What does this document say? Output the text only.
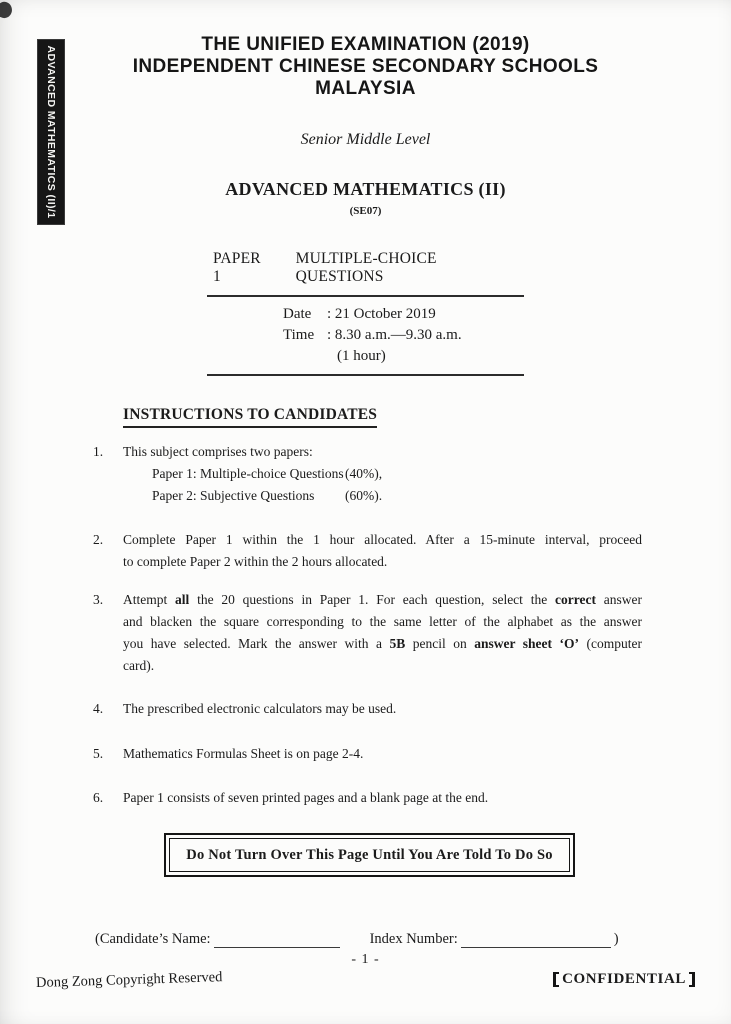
ADVANCED MATHEMATICS (II)/1
THE UNIFIED EXAMINATION (2019)
INDEPENDENT CHINESE SECONDARY SCHOOLS
MALAYSIA
Senior Middle Level
ADVANCED MATHEMATICS (II)
(SE07)
PAPER 1
MULTIPLE-CHOICE QUESTIONS
Date	: 21 October 2019
Time : 8.30 a.m.—9.30 a.m.
(1 hour)
INSTRUCTIONS TO CANDIDATES
1.	This subject comprises two papers:
Paper 1: Multiple-choice Questions (40%),
Paper 2: Subjective Questions	(60%).
2.	Complete Paper 1 within the 1 hour allocated. After a 15-minute interval, proceed
to complete Paper 2 within the 2 hours allocated.
3.	Attempt all the 20 questions in Paper 1. For each question, select the correct answer
and blacken the square corresponding to the same letter of the alphabet as the answer
you have selected. Mark the answer with a 5B pencil on answer sheet ‘O’ (computer
card).
4.	The prescribed electronic calculators may be used.
5.	Mathematics Formulas Sheet is on page 2-4.
6.	Paper 1 consists of seven printed pages and a blank page at the end.
Do Not Turn Over This Page Until You Are Told To Do So
(Candidate’s Name:	Index Number:	)
- 1 -
Dong Zong Copyright Reserved	CONFIDENTIAL
